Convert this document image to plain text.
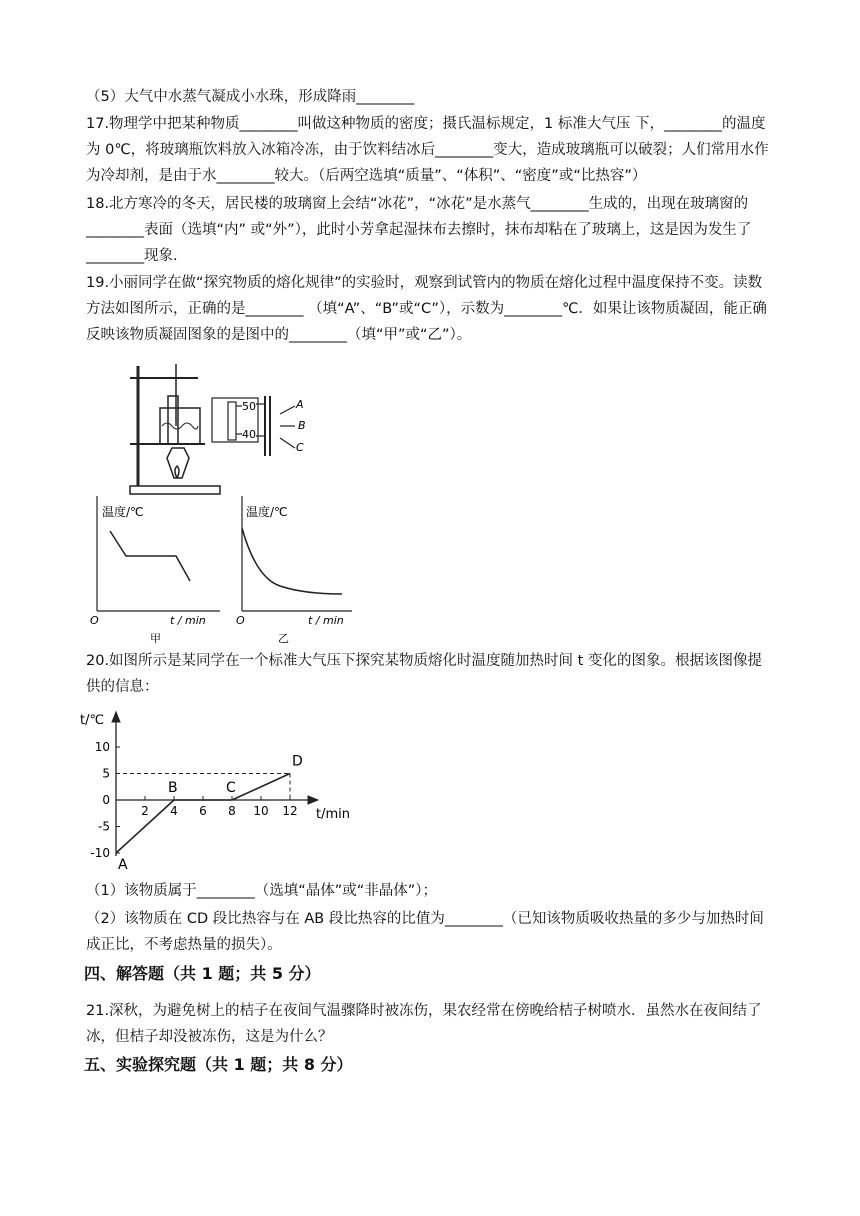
（5）大气中水蒸气凝成小水珠，形成降雨________
17.物理学中把某种物质________叫做这种物质的密度；摄氏温标规定，1 标准大气压 下，________的温度为 0℃，将玻璃瓶饮料放入冰箱冷冻，由于饮料结冰后________变大，造成玻璃瓶可以破裂；人们常用水作为冷却剂，是由于水________较大。（后两空选填“质量”、“体积”、“密度”或“比热容”）
18.北方寒冷的冬天，居民楼的玻璃窗上会结“冰花”，“冰花”是水蒸气________生成的，出现在玻璃窗的________表面（选填“内” 或“外”），此时小芳拿起湿抹布去擦时，抹布却粘在了玻璃上，这是因为发生了________现象.
19.小丽同学在做“探究物质的熔化规律”的实验时，观察到试管内的物质在熔化过程中温度保持不变。读数方法如图所示，正确的是________ （填“A”、“B”或“C”），示数为________℃．如果让该物质凝固，能正确反映该物质凝固图象的是图中的________（填“甲”或“乙”）。
50
40
A
B
C
温度/℃
t / min
O
甲
温度/℃
t / min
O
乙
20.如图所示是某同学在一个标准大气压下探究某物质熔化时温度随加热时间 t 变化的图象。根据该图像提供的信息：
t/℃
t/min
2 4 6 8 10 12
10
5
0
-5
-10
A
B	C
D
（1）该物质属于________（选填“晶体”或“非晶体”）；
（2）该物质在 CD 段比热容与在 AB 段比热容的比值为________（已知该物质吸收热量的多少与加热时间成正比，不考虑热量的损失）。
四、解答题（共 1 题；共 5 分）
21.深秋，为避免树上的桔子在夜间气温骤降时被冻伤，果农经常在傍晚给桔子树喷水．虽然水在夜间结了冰，但桔子却没被冻伤，这是为什么？
五、实验探究题（共 1 题；共 8 分）
